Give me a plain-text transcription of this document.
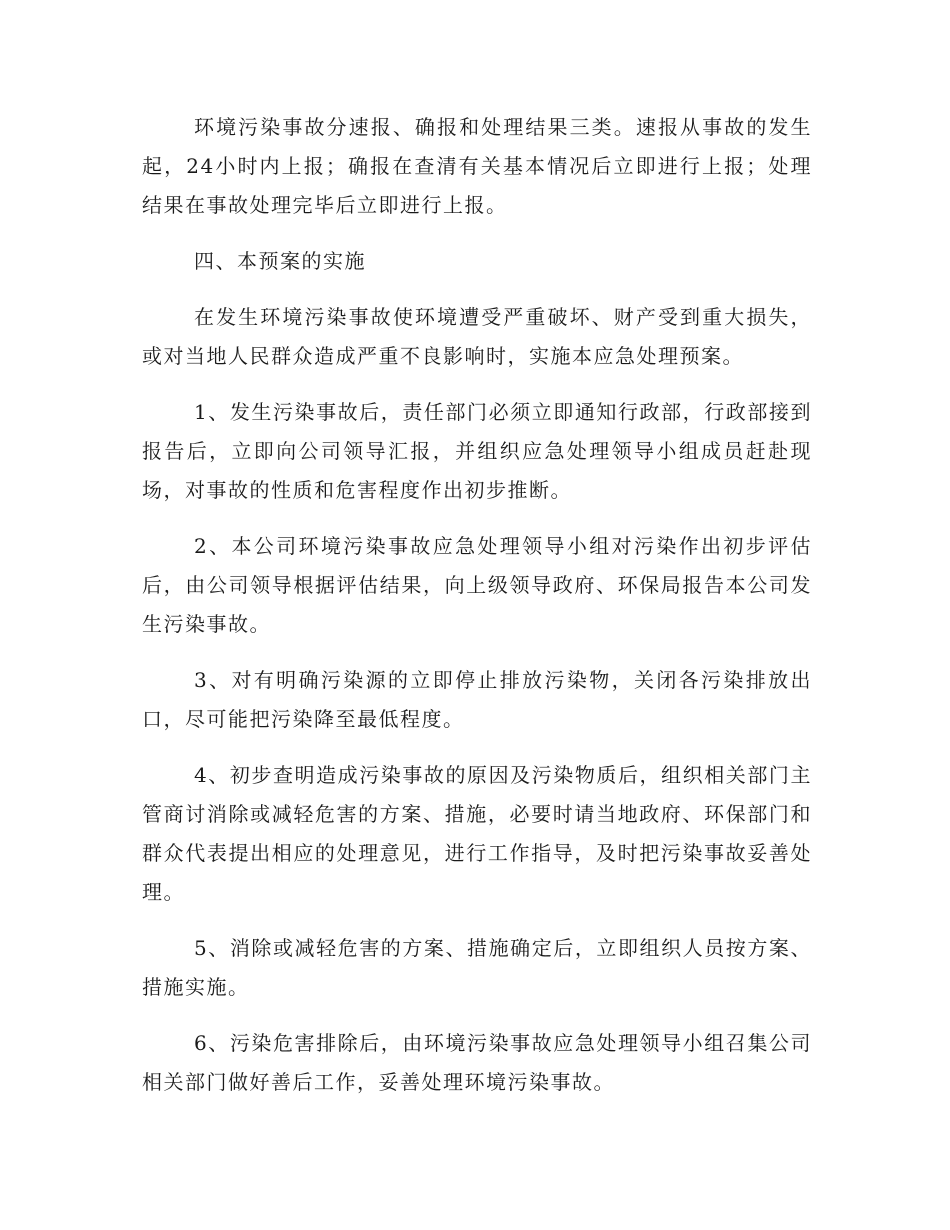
环境污染事故分速报、确报和处理结果三类。速报从事故的发生起，24小时内上报；确报在查清有关基本情况后立即进行上报；处理结果在事故处理完毕后立即进行上报。

四、本预案的实施

在发生环境污染事故使环境遭受严重破坏、财产受到重大损失，或对当地人民群众造成严重不良影响时，实施本应急处理预案。

1、发生污染事故后，责任部门必须立即通知行政部，行政部接到报告后，立即向公司领导汇报，并组织应急处理领导小组成员赶赴现场，对事故的性质和危害程度作出初步推断。

2、本公司环境污染事故应急处理领导小组对污染作出初步评估后，由公司领导根据评估结果，向上级领导政府、环保局报告本公司发生污染事故。

3、对有明确污染源的立即停止排放污染物，关闭各污染排放出口，尽可能把污染降至最低程度。

4、初步查明造成污染事故的原因及污染物质后，组织相关部门主管商讨消除或减轻危害的方案、措施，必要时请当地政府、环保部门和群众代表提出相应的处理意见，进行工作指导，及时把污染事故妥善处理。

5、消除或减轻危害的方案、措施确定后，立即组织人员按方案、措施实施。

6、污染危害排除后，由环境污染事故应急处理领导小组召集公司相关部门做好善后工作，妥善处理环境污染事故。
